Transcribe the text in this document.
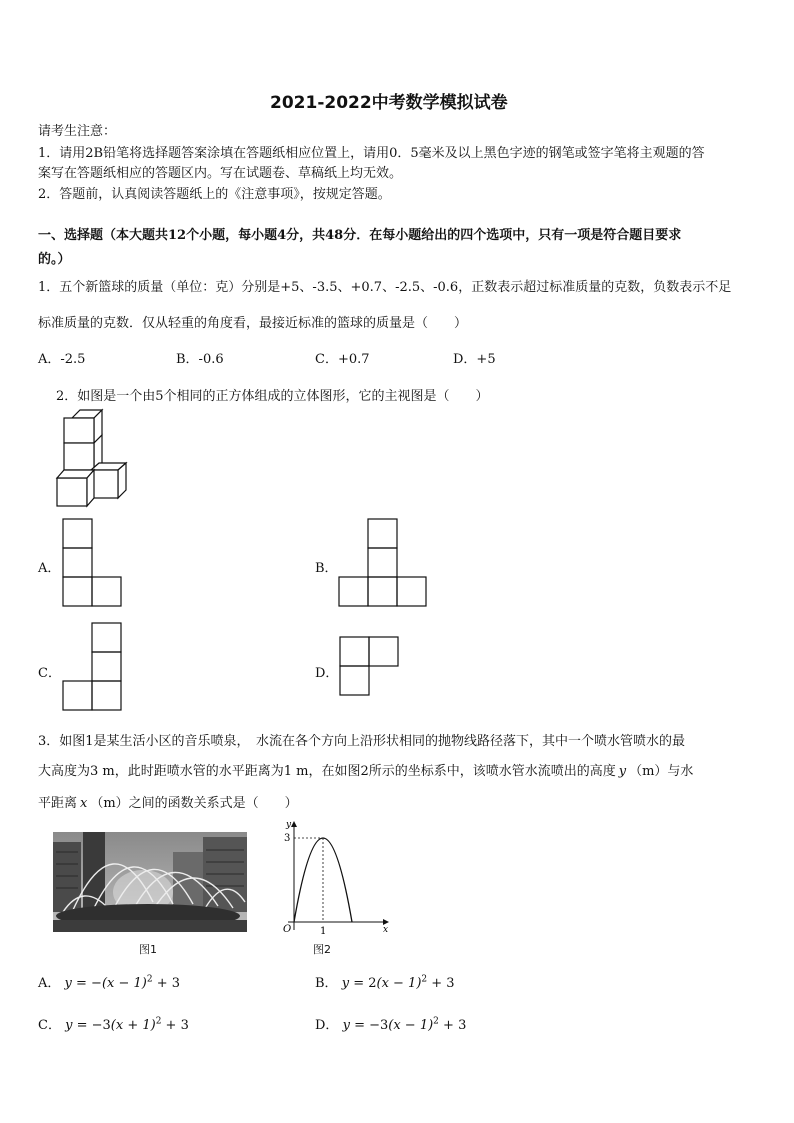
2021-2022中考数学模拟试卷
请考生注意：
1．请用2B铅笔将选择题答案涂填在答题纸相应位置上，请用0．5毫米及以上黑色字迹的钢笔或签字笔将主观题的答
案写在答题纸相应的答题区内。写在试题卷、草稿纸上均无效。
2．答题前，认真阅读答题纸上的《注意事项》，按规定答题。
一、选择题（本大题共12个小题，每小题4分，共48分．在每小题给出的四个选项中，只有一项是符合题目要求
的。）
1．五个新篮球的质量（单位：克）分别是+5、-3.5、+0.7、-2.5、-0.6，正数表示超过标准质量的克数，负数表示不足
标准质量的克数．仅从轻重的角度看，最接近标准的篮球的质量是（　　）
A．-2.5	B．-0.6	C．+0.7	D．+5
2．如图是一个由5个相同的正方体组成的立体图形，它的主视图是（　　）
A．	B．
C．	D．
3．如图1是某生活小区的音乐喷泉，　水流在各个方向上沿形状相同的抛物线路径落下，其中一个喷水管喷水的最
大高度为3 m，此时距喷水管的水平距离为1 m，在如图2所示的坐标系中，该喷水管水流喷出的高度 y （m）与水
平距离 x （m）之间的函数关系式是（　　）
图1
y
x
O
3
1
图2
A． $y = -(x - 1)^2 + 3$	B． $y = 2(x - 1)^2 + 3$
C． $y = -3(x + 1)^2 + 3$	D． $y = -3(x - 1)^2 + 3$
